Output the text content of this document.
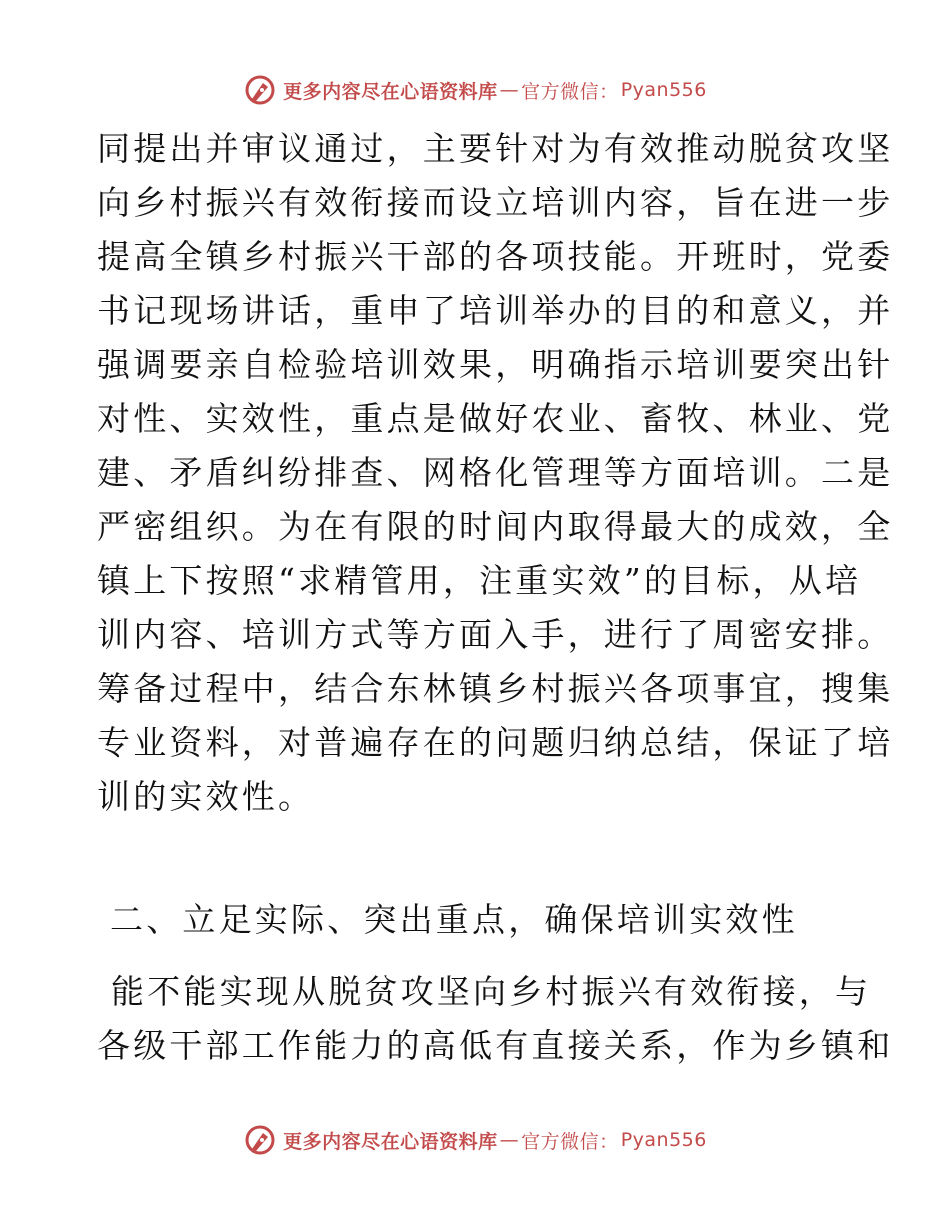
更多内容尽在心语资料库 — 官方微信： Pyan556
同提出并审议通过，主要针对为有效推动脱贫攻坚
向乡村振兴有效衔接而设立培训内容，旨在进一步
提高全镇乡村振兴干部的各项技能。开班时，党委
书记现场讲话，重申了培训举办的目的和意义，并
强调要亲自检验培训效果，明确指示培训要突出针
对性、实效性，重点是做好农业、畜牧、林业、党
建、矛盾纠纷排查、网格化管理等方面培训。二是
严密组织。为在有限的时间内取得最大的成效，全
镇上下按照“求精管用，注重实效”的目标，从培
训内容、培训方式等方面入手，进行了周密安排。
筹备过程中，结合东林镇乡村振兴各项事宜，搜集
专业资料，对普遍存在的问题归纳总结，保证了培
训的实效性。
二、立足实际、突出重点，确保培训实效性
能不能实现从脱贫攻坚向乡村振兴有效衔接，与
各级干部工作能力的高低有直接关系，作为乡镇和
更多内容尽在心语资料库 — 官方微信： Pyan556
